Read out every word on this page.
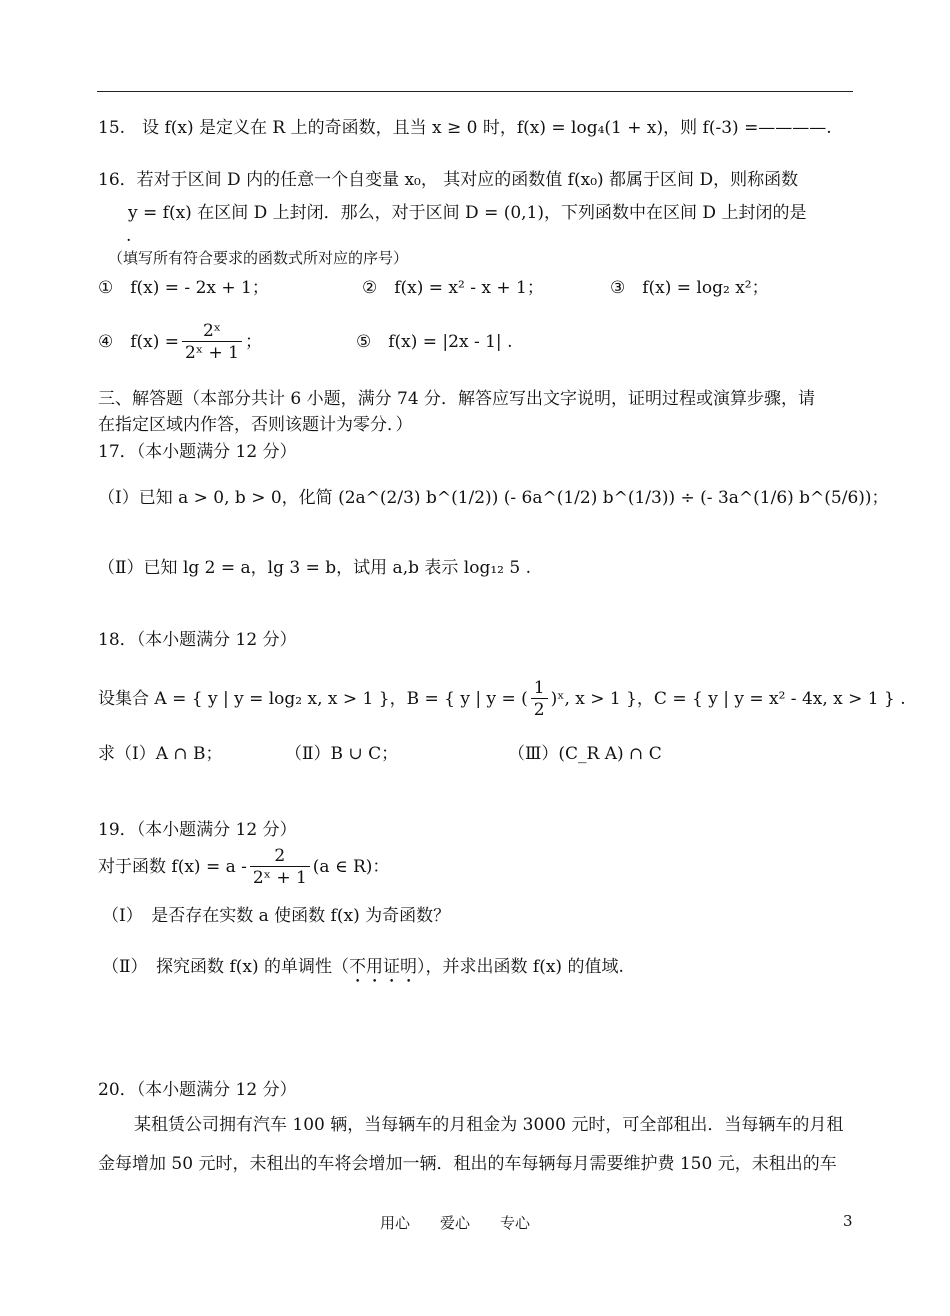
15.　设 f(x) 是定义在 R 上的奇函数，且当 x ≥ 0 时，f(x) = log₄(1 + x)，则 f(-3) =————.
16．若对于区间 D 内的任意一个自变量 x₀， 其对应的函数值 f(x₀) 都属于区间 D，则称函数
y = f(x) 在区间 D 上封闭．那么，对于区间 D = (0,1)，下列函数中在区间 D 上封闭的是
.
（填写所有符合要求的函数式所对应的序号）
①　f(x) = - 2x + 1；	②　f(x) = x² - x + 1；	③　f(x) = log₂ x²；
④　$f(x) = \frac{\text{2ˣ}}{\text{2ˣ + 1}}$ ；	⑤　f(x) = |2x - 1| .
三、解答题（本部分共计 6 小题，满分 74 分．解答应写出文字说明，证明过程或演算步骤，请
在指定区域内作答，否则该题计为零分．）
17．（本小题满分 12 分）
（Ⅰ）已知 a > 0, b > 0，化简 (2a^(2/3) b^(1/2)) (- 6a^(1/2) b^(1/3)) ÷ (- 3a^(1/6) b^(5/6))；
（Ⅱ）已知 lg 2 = a，lg 3 = b，试用 a,b 表示 log₁₂ 5 .
18．（本小题满分 12 分）
设集合 A = { y | y = log₂ x, x > 1 }，B = { y | y = ( $\frac{1}{2}$ )ˣ, x > 1 }，C = { y | y = x² - 4x, x > 1 } .
求（Ⅰ）A ∩ B；	（Ⅱ）B ∪ C；	（Ⅲ）(C_R A) ∩ C
19．（本小题满分 12 分）
对于函数 $f(x) = a - \frac{2}{\text{2ˣ + 1}} (a$ ∈ R)：
（Ⅰ）　是否存在实数 a 使函数 f(x) 为奇函数？
（Ⅱ）　探究函数 f(x) 的单调性（不用证明），并求出函数 f(x) 的值域.
20．（本小题满分 12 分）
某租赁公司拥有汽车 100 辆，当每辆车的月租金为 3000 元时，可全部租出．当每辆车的月租
金每增加 50 元时，未租出的车将会增加一辆．租出的车每辆每月需要维护费 150 元，未租出的车
用心　　爱心　　专心	3
